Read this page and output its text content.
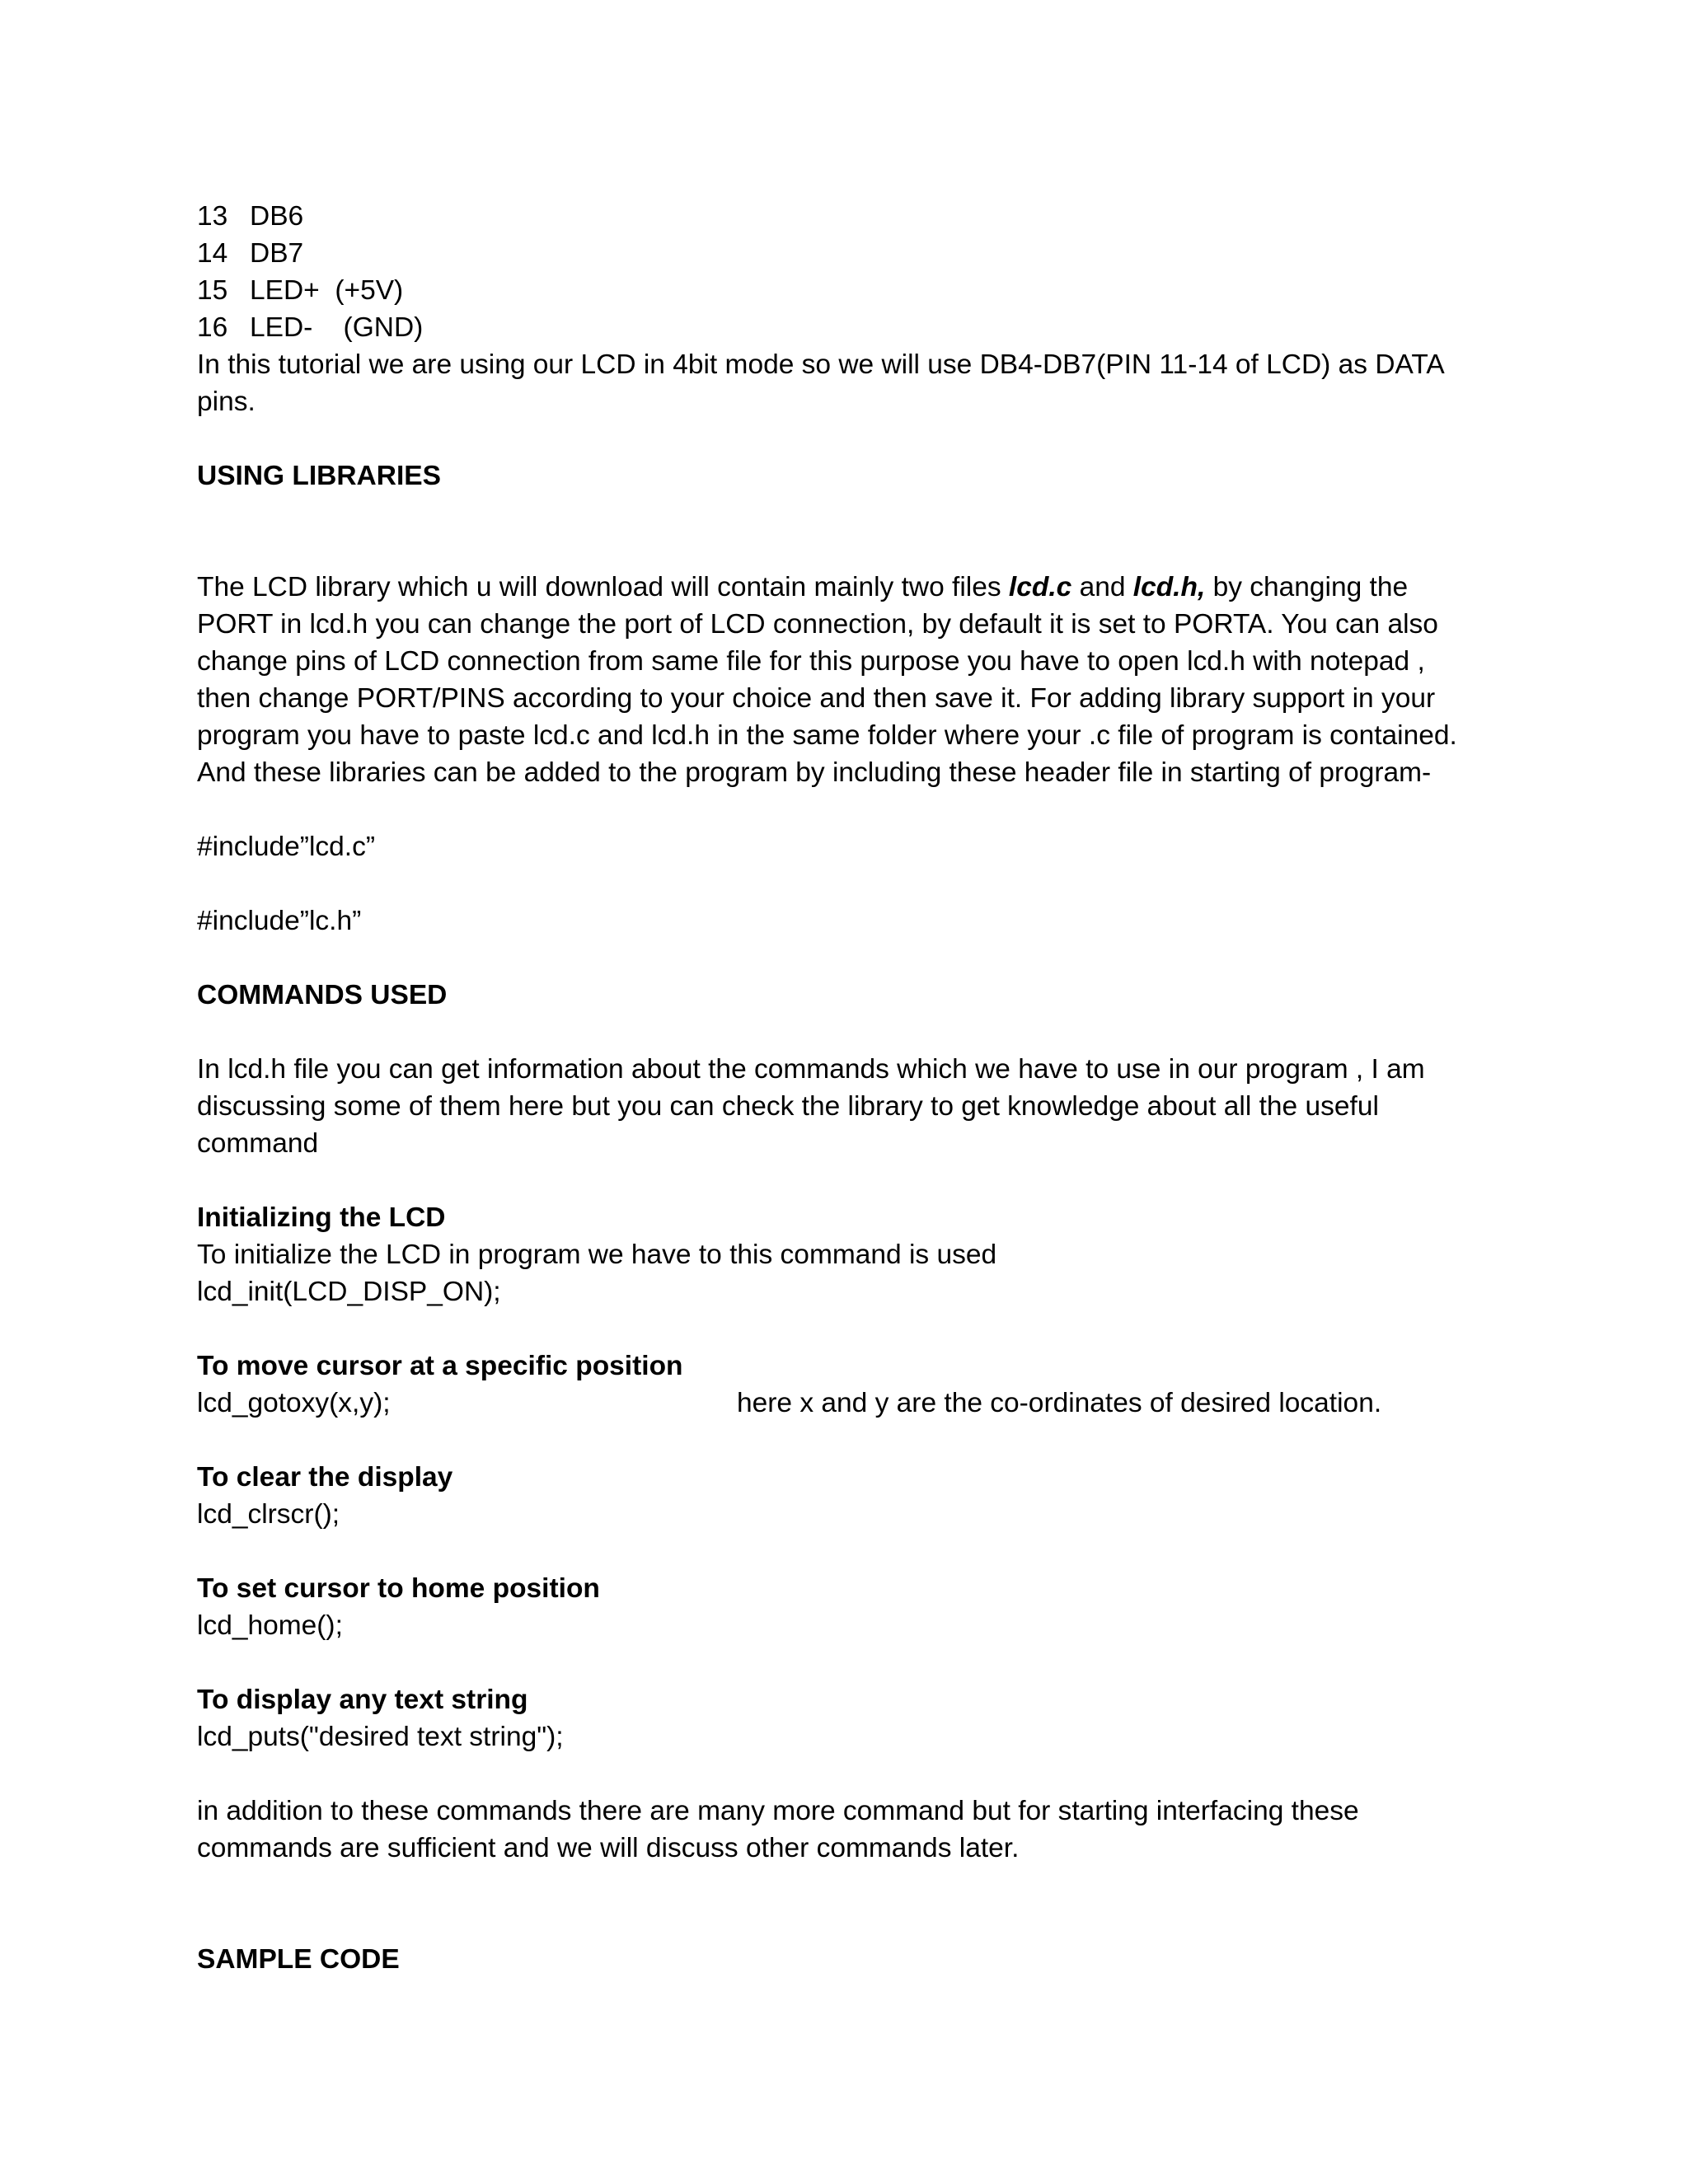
13 DB6
14 DB7
15 LED+  (+5V)
16 LED-    (GND)
In this tutorial we are using our LCD in 4bit mode so we will use DB4-DB7(PIN 11-14 of LCD) as DATA pins.
USING LIBRARIES
The LCD library which u will download will contain mainly two files lcd.c and lcd.h, by changing the PORT in lcd.h you can change the port of LCD connection, by default it is set to PORTA. You can also change pins of LCD connection from same file for this purpose you have to open lcd.h with notepad , then change PORT/PINS according to your choice and then save it. For adding library support in your program you have to paste lcd.c and lcd.h in the same folder where your .c file of program is contained. And these libraries can be added to the program by including these header file in starting of program-
#include”lcd.c”
#include”lc.h”
COMMANDS USED
In lcd.h file you can get information about the commands which we have to use in our program , I am discussing some of them here but you can check the library to get knowledge about all the useful command
Initializing the LCD
To initialize the LCD in program we have to this command is used
lcd_init(LCD_DISP_ON);
To move cursor at a specific position
lcd_gotoxy(x,y);	here x and y are the co-ordinates of desired location.
To clear the display
lcd_clrscr();
To set cursor to home position
lcd_home();
To display any text string
lcd_puts("desired text string");
in addition to these commands there are many more command but for starting interfacing these commands are sufficient and we will discuss other commands later.
SAMPLE CODE
